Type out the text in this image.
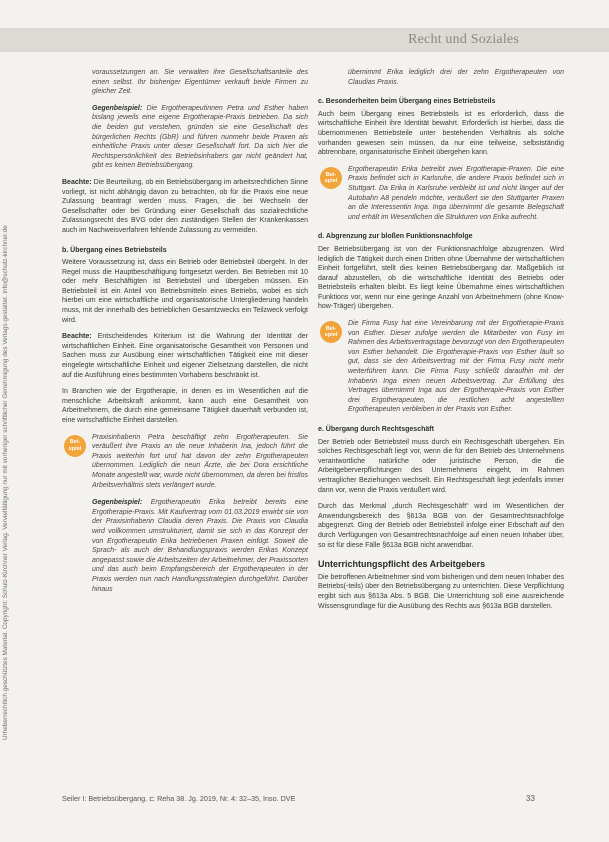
Recht und Soziales
Urheberrechtlich geschütztes Material. Copyright: Schulz-Kirchner Verlag. Vervielfältigung nur mit vorheriger schriftlicher Genehmigung des Verlags gestattet. info@schulz-kirchner.de

voraussetzungen an. Sie verwalten ihre Gesellschaftsanteile des einen selbst. Ihr bisheriger Eigentümer verkauft beide Firmen zu gleicher Zeit.

Gegenbeispiel: Die Ergotherapeutinnen Petra und Esther haben bislang jeweils eine eigene Ergotherapie-Praxis betrieben. Da sich die beiden gut verstehen, gründen sie eine Gesellschaft des bürgerlichen Rechts (GbR) und führen nunmehr beide Praxen als einheitliche Praxis unter dieser Gesellschaft fort. Da sich hier die Rechtspersönlichkeit des Betriebsinhabers gar nicht geändert hat, gibt es keinen Betriebsübergang.

Beachte: Die Beurteilung, ob ein Betriebsübergang im arbeitsrechtlichen Sinne vorliegt, ist nicht abhängig davon zu betrachten, ob für die Praxis eine neue Zulassung beantragt werden muss. Fragen, die bei Wechseln der Gesellschafter oder bei Gründung einer Gesellschaft das sozialrechtliche Zulassungsrecht des BVG oder den zuständigen Stellen der Krankenkassen auch im Nachweisverfahren fehlende Zulassung zu vermeiden.

b. Übergang eines Betriebsteils

Weitere Voraussetzung ist, dass ein Betrieb oder Betriebsteil übergeht. In der Regel muss die Hauptbeschäftigung fortgesetzt werden. Bei Betrieben mit 10 oder mehr Beschäftigten ist Betriebsteil und übergeben müssen. Ein Betriebsteil ist ein Anteil von Betriebsmitteln eines Betriebs, wobei es sich hierbei um eine wirtschaftliche und organisatorische Untergliederung handeln muss, mit der innerhalb des betrieblichen Gesamtzwecks ein Teilzweck verfolgt wird.

Beachte: Entscheidendes Kriterium ist die Wahrung der Identität der wirtschaftlichen Einheit. Eine organisatorische Gesamtheit von Personen und Sachen muss zur Ausübung einer wirtschaftlichen Tätigkeit eine mit dieser eingelegte wirtschaftliche Einheit und eigener Zielsetzung darstellen, die nicht auf die Ausführung eines bestimmten Vorhabens beschränkt ist.

In Branchen wie der Ergotherapie, in denen es im Wesentlichen auf die menschliche Arbeitskraft ankommt, kann auch eine Gesamtheit von Arbeitnehmern, die durch eine gemeinsame Tätigkeit dauerhaft verbunden ist, eine wirtschaftliche Einheit darstellen.

Bei-
spiel

Praxisinhaberin Petra beschäftigt zehn Ergotherapeuten. Sie veräußert ihre Praxis an die neue Inhaberin Ina, jedoch führt die Praxis weiterhin fort und hat davon der zehn Ergotherapeuten übernommen. Lediglich die neun Ärzte, die bei Dora ersichtliche Monate angestellt war, wurde nicht übernommen, da deren bei fristlos Arbeitsverhältnis stets verlängert wurde.

Gegenbeispiel: Ergotherapeutin Erika betreibt bereits eine Ergotherapie-Praxis. Mit Kaufvertrag vom 01.03.2019 erwirbt sie von der Praxisinhaberin Claudia deren Praxis. Die Praxis von Claudia wird vollkommen umstrukturiert, damit sie sich in das Konzept der von Ergotherapeutin Erika betriebenen Praxen einfügt. Soweit die Sprach- als auch der Behandlungspraxis werden Erikas Konzept angepasst sowie die Arbeitszeiten der Arbeitnehmer, der Praxissorten und das auch beim Empfangsbereich der Ergotherapeuten in der Praxis werden nun nach Handlungsstrategien durchgeführt. Darüber hinaus

übernimmt Erika lediglich drei der zehn Ergotherapeuten von Claudias Praxis.

c. Besonderheiten beim Übergang eines Betriebsteils

Auch beim Übergang eines Betriebsteils ist es erforderlich, dass die wirtschaftliche Einheit ihre Identität bewahrt. Erforderlich ist hierbei, dass die übernommenen Betriebsteile unter bestehenden Verhältnis als solche vorhanden gewesen sein müssen, da nur eine teilweise, selbstständig abtrennbare, organisatorische Einheit übergehen kann.

Bei-
spiel

Ergotherapeutin Erika betreibt zwei Ergotherapie-Praxen. Die eine Praxis befindet sich in Karlsruhe, die andere Praxis befindet sich in Stuttgart. Da Erika in Karlsruhe verbleibt ist und nicht länger auf der Autobahn A8 pendeln möchte, veräußert sie den Stuttgarter Praxen an die Interessentin Inga. Inga übernimmt die gesamte Belegschaft und erhält im Wesentlichen die Strukturen von Erika aufrecht.

d. Abgrenzung zur bloßen Funktionsnachfolge

Der Betriebsübergang ist von der Funktionsnachfolge abzugrenzen. Wird lediglich die Tätigkeit durch einen Dritten ohne Übernahme der wirtschaftlichen Einheit fortgeführt, stellt dies keinen Betriebsübergang dar. Maßgeblich ist darauf abzustellen, ob die wirtschaftliche Identität des Betriebs oder Betriebsteils erhalten bleibt. Es liegt keine Übernahme eines wirtschaftlichen Funktions vor, wenn nur eine geringe Anzahl von Arbeitnehmern (ohne Know-how-Träger) übergehen.

Bei-
spiel

Die Firma Fusy hat eine Vereinbarung mit der Ergotherapie-Praxis von Esther. Dieser zufolge werden die Mitarbeiter von Fusy im Rahmen des Arbeitsvertragstage bevorzugt von den Ergotherapeuten von Esther behandelt. Die Ergotherapie-Praxis von Esther läuft so gut, dass sie den Arbeitsvertrag mit der Firma Fusy nicht mehr weiterführen kann. Die Firma Fusy schließt daraufhin mit der Inhaberin Inga einen neuen Arbeitsvertrag. Zur Erfüllung des Vertrages übernimmt Inga aus der Ergotherapie-Praxis von Esther drei Ergotherapeuten, die restlichen acht angestellten Ergotherapeuten verbleiben in der Praxis von Esther.

e. Übergang durch Rechtsgeschäft

Der Betrieb oder Betriebsteil muss durch ein Rechtsgeschäft übergehen. Ein solches Rechtsgeschäft liegt vor, wenn die für den Betrieb des Unternehmens verantwortliche natürliche oder juristische Person, die die Arbeitgeberverpflichtungen des Unternehmens eingeht, im Rahmen vertraglicher Beziehungen wechselt. Ein Rechtsgeschäft liegt jedenfalls immer dann vor, wenn die Praxis veräußert wird.

Durch das Merkmal „durch Rechtsgeschäft“ wird im Wesentlichen der Anwendungsbereich des §613a BGB von der Gesamtrechtsnachfolge abgegrenzt. Ging der Betrieb oder Betriebsteil infolge einer Erbschaft auf den durch Verfügungen von Gesamtrechtsnachfolge auf einen neuen Inhaber über, so ist für diese Fälle §613a BGB nicht anwendbar.

Unterrichtungspflicht des Arbeitgebers

Die betroffenen Arbeitnehmer sind vom bisherigen und dem neuen Inhaber des Betriebs(-teils) über den Betriebsübergang zu unterrichten. Diese Verpflichtung ergibt sich aus §613a Abs. 5 BGB. Die Unterrichtung soll eine ausreichende Wissensgrundlage für die Ausübung des Rechts aus §613a BGB darstellen.

Seiler I: Betriebsübergang. ⊏ Reha 38. Jg. 2019, Nr. 4: 32–35, Inso. DVE	33
